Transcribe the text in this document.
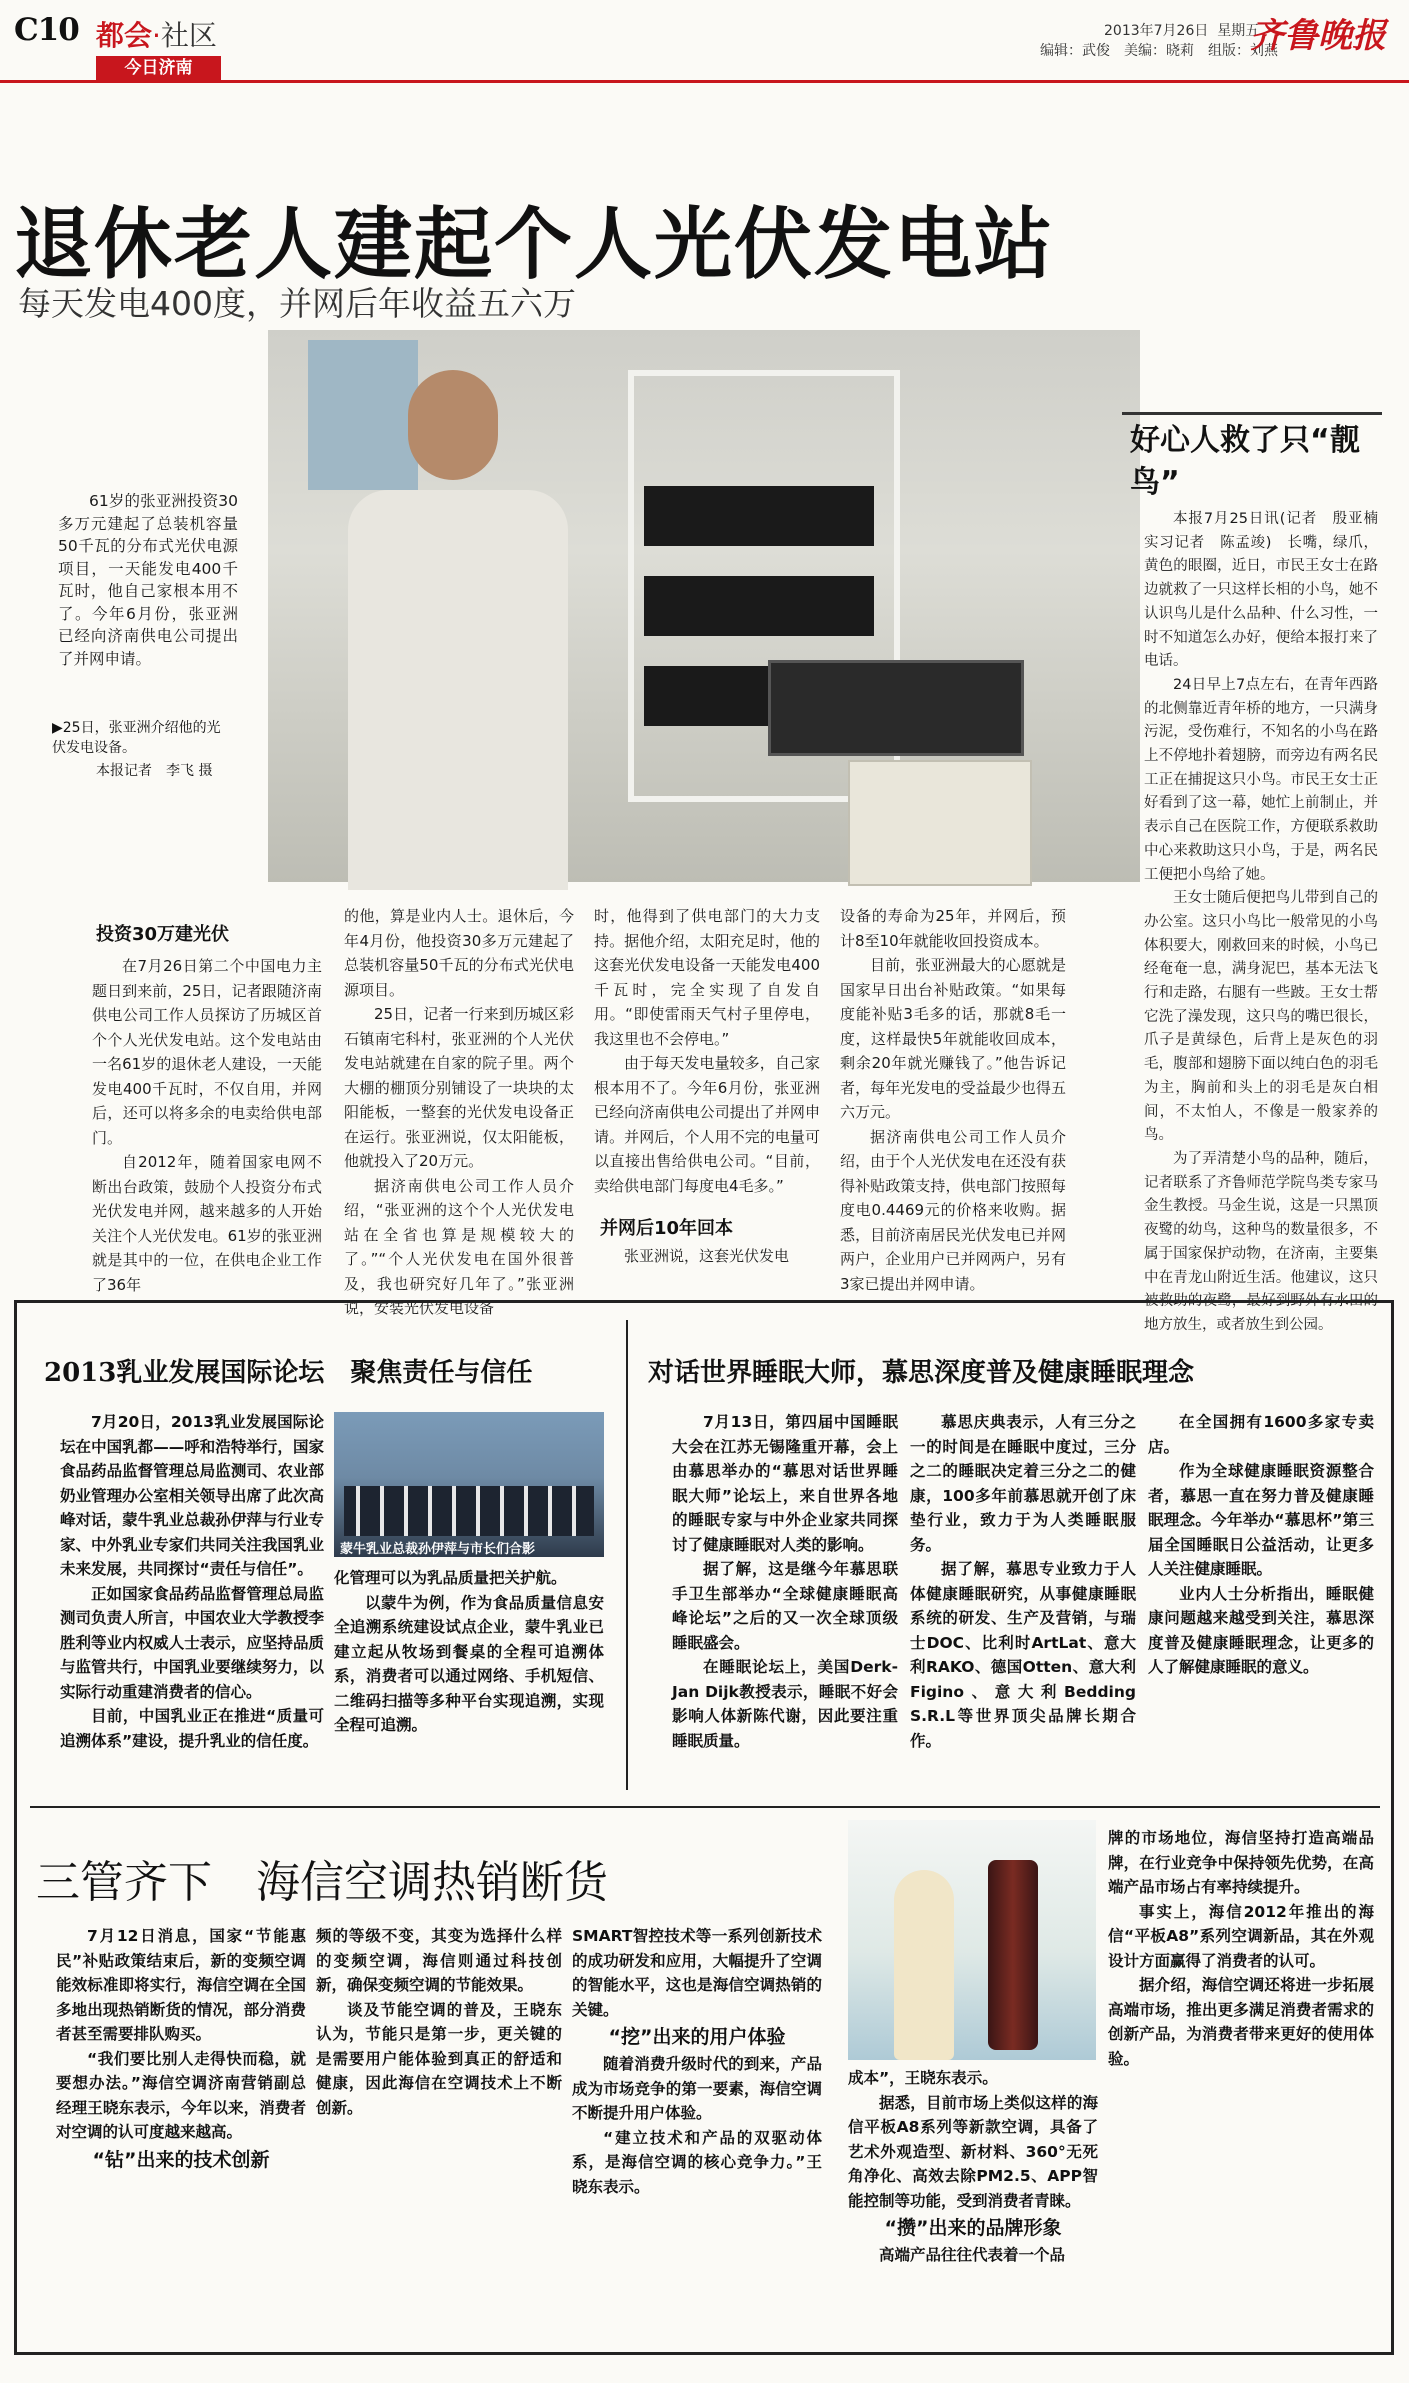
C10 都会·社区
今日济南
2013年7月26日 星期五
编辑：武俊　美编：晓莉　组版：刘燕
齐鲁晚报
退休老人建起个人光伏发电站
每天发电400度，并网后年收益五六万

61岁的张亚洲投资30多万元建起了总装机容量50千瓦的分布式光伏电源项目，一天能发电400千瓦时，他自己家根本用不了。今年6月份，张亚洲已经向济南供电公司提出了并网申请。

▶25日，张亚洲介绍他的光伏发电设备。
本报记者　李飞 摄
投资30万建光伏

在7月26日第二个中国电力主题日到来前，25日，记者跟随济南供电公司工作人员探访了历城区首个个人光伏发电站。这个发电站由一名61岁的退休老人建设，一天能发电400千瓦时，不仅自用，并网后，还可以将多余的电卖给供电部门。

自2012年，随着国家电网不断出台政策，鼓励个人投资分布式光伏发电并网，越来越多的人开始关注个人光伏发电。61岁的张亚洲就是其中的一位，在供电企业工作了36年

的他，算是业内人士。退休后，今年4月份，他投资30多万元建起了总装机容量50千瓦的分布式光伏电源项目。

25日，记者一行来到历城区彩石镇南宅科村，张亚洲的个人光伏发电站就建在自家的院子里。两个大棚的棚顶分别铺设了一块块的太阳能板，一整套的光伏发电设备正在运行。张亚洲说，仅太阳能板，他就投入了20万元。

据济南供电公司工作人员介绍，“张亚洲的这个个人光伏发电站在全省也算是规模较大的了。”“个人光伏发电在国外很普及，我也研究好几年了。”张亚洲说，安装光伏发电设备

时，他得到了供电部门的大力支持。据他介绍，太阳充足时，他的这套光伏发电设备一天能发电400千瓦时，完全实现了自发自用。“即使雷雨天气村子里停电，我这里也不会停电。”

由于每天发电量较多，自己家根本用不了。今年6月份，张亚洲已经向济南供电公司提出了并网申请。并网后，个人用不完的电量可以直接出售给供电公司。“目前，卖给供电部门每度电4毛多。”

并网后10年回本

张亚洲说，这套光伏发电

设备的寿命为25年，并网后，预计8至10年就能收回投资成本。

目前，张亚洲最大的心愿就是国家早日出台补贴政策。“如果每度能补贴3毛多的话，那就8毛一度，这样最快5年就能收回成本，剩余20年就光赚钱了。”他告诉记者，每年光发电的受益最少也得五六万元。

据济南供电公司工作人员介绍，由于个人光伏发电在还没有获得补贴政策支持，供电部门按照每度电0.4469元的价格来收购。据悉，目前济南居民光伏发电已并网两户，企业用户已并网两户，另有3家已提出并网申请。

好心人救了只“靓鸟”

本报7月25日讯(记者　殷亚楠　实习记者　陈孟竣)　长嘴，绿爪，黄色的眼圈，近日，市民王女士在路边就救了一只这样长相的小鸟，她不认识鸟儿是什么品种、什么习性，一时不知道怎么办好，便给本报打来了电话。

24日早上7点左右，在青年西路的北侧靠近青年桥的地方，一只满身污泥，受伤难行，不知名的小鸟在路上不停地扑着翅膀，而旁边有两名民工正在捕捉这只小鸟。市民王女士正好看到了这一幕，她忙上前制止，并表示自己在医院工作，方便联系救助中心来救助这只小鸟，于是，两名民工便把小鸟给了她。

王女士随后便把鸟儿带到自己的办公室。这只小鸟比一般常见的小鸟体积要大，刚救回来的时候，小鸟已经奄奄一息，满身泥巴，基本无法飞行和走路，右腿有一些跛。王女士帮它洗了澡发现，这只鸟的嘴巴很长，爪子是黄绿色，后背上是灰色的羽毛，腹部和翅膀下面以纯白色的羽毛为主，胸前和头上的羽毛是灰白相间，不太怕人，不像是一般家养的鸟。

为了弄清楚小鸟的品种，随后，记者联系了齐鲁师范学院鸟类专家马金生教授。马金生说，这是一只黑顶夜鹭的幼鸟，这种鸟的数量很多，不属于国家保护动物，在济南，主要集中在青龙山附近生活。他建议，这只被救助的夜鹭，最好到野外有水田的地方放生，或者放生到公园。

2013乳业发展国际论坛　聚焦责任与信任

7月20日，2013乳业发展国际论坛在中国乳都——呼和浩特举行，国家食品药品监督管理总局监测司、农业部奶业管理办公室相关领导出席了此次高峰对话，蒙牛乳业总裁孙伊萍与行业专家、中外乳业专家们共同关注我国乳业未来发展，共同探讨“责任与信任”。

正如国家食品药品监督管理总局监测司负责人所言，中国农业大学教授李胜利等业内权威人士表示，应坚持品质与监管共行，中国乳业要继续努力，以实际行动重建消费者的信心。

目前，中国乳业正在推进“质量可追溯体系”建设，提升乳业的信任度。

蒙牛乳业总裁孙伊萍与市长们合影

化管理可以为乳品质量把关护航。

以蒙牛为例，作为食品质量信息安全追溯系统建设试点企业，蒙牛乳业已建立起从牧场到餐桌的全程可追溯体系，消费者可以通过网络、手机短信、二维码扫描等多种平台实现追溯，实现全程可追溯。

对话世界睡眠大师，慕思深度普及健康睡眠理念

7月13日，第四届中国睡眠大会在江苏无锡隆重开幕，会上由慕思举办的“慕思对话世界睡眠大师”论坛上，来自世界各地的睡眠专家与中外企业家共同探讨了健康睡眠对人类的影响。

据了解，这是继今年慕思联手卫生部举办“全球健康睡眠高峰论坛”之后的又一次全球顶级睡眠盛会。

在睡眠论坛上，美国Derk-Jan Dijk教授表示，睡眠不好会影响人体新陈代谢，因此要注重睡眠质量。

慕思庆典表示，人有三分之一的时间是在睡眠中度过，三分之二的睡眠决定着三分之二的健康，100多年前慕思就开创了床垫行业，致力于为人类睡眠服务。

据了解，慕思专业致力于人体健康睡眠研究，从事健康睡眠系统的研发、生产及营销，与瑞士DOC、比利时ArtLat、意大利RAKO、德国Otten、意大利Figino、意大利Bedding S.R.L等世界顶尖品牌长期合作。

在全国拥有1600多家专卖店。

作为全球健康睡眠资源整合者，慕思一直在努力普及健康睡眠理念。今年举办“慕思杯”第三届全国睡眠日公益活动，让更多人关注健康睡眠。

业内人士分析指出，睡眠健康问题越来越受到关注，慕思深度普及健康睡眠理念，让更多的人了解健康睡眠的意义。

三管齐下　海信空调热销断货

7月12日消息，国家“节能惠民”补贴政策结束后，新的变频空调能效标准即将实行，海信空调在全国多地出现热销断货的情况，部分消费者甚至需要排队购买。

“我们要比别人走得快而稳，就要想办法。”海信空调济南营销副总经理王晓东表示，今年以来，消费者对空调的认可度越来越高。

“钻”出来的技术创新

频的等级不变，其变为选择什么样的变频空调，海信则通过科技创新，确保变频空调的节能效果。

谈及节能空调的普及，王晓东认为，节能只是第一步，更关键的是需要用户能体验到真正的舒适和健康，因此海信在空调技术上不断创新。

SMART智控技术等一系列创新技术的成功研发和应用，大幅提升了空调的智能水平，这也是海信空调热销的关键。

“挖”出来的用户体验

随着消费升级时代的到来，产品成为市场竞争的第一要素，海信空调不断提升用户体验。

“建立技术和产品的双驱动体系，是海信空调的核心竞争力。”王晓东表示。

成本”，王晓东表示。

据悉，目前市场上类似这样的海信平板A8系列等新款空调，具备了艺术外观造型、新材料、360°无死角净化、高效去除PM2.5、APP智能控制等功能，受到消费者青睐。

“攒”出来的品牌形象

高端产品往往代表着一个品

牌的市场地位，海信坚持打造高端品牌，在行业竞争中保持领先优势，在高端产品市场占有率持续提升。

事实上，海信2012年推出的海信“平板A8”系列空调新品，其在外观设计方面赢得了消费者的认可。

据介绍，海信空调还将进一步拓展高端市场，推出更多满足消费者需求的创新产品，为消费者带来更好的使用体验。
